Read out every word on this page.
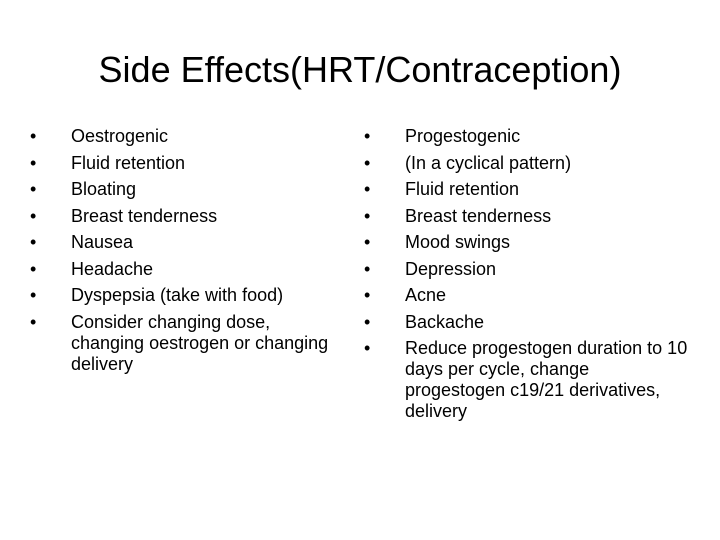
Side Effects(HRT/Contraception)
•	Oestrogenic
•	Fluid retention
•	Bloating
•	Breast tenderness
•	Nausea
•	Headache
•	Dyspepsia (take with food)
•	Consider changing dose, changing oestrogen or changing delivery
•	Progestogenic
•	(In a cyclical pattern)
•	Fluid retention
•	Breast tenderness
•	Mood swings
•	Depression
•	Acne
•	Backache
•	Reduce progestogen duration to 10 days per cycle, change progestogen c19/21 derivatives, delivery
